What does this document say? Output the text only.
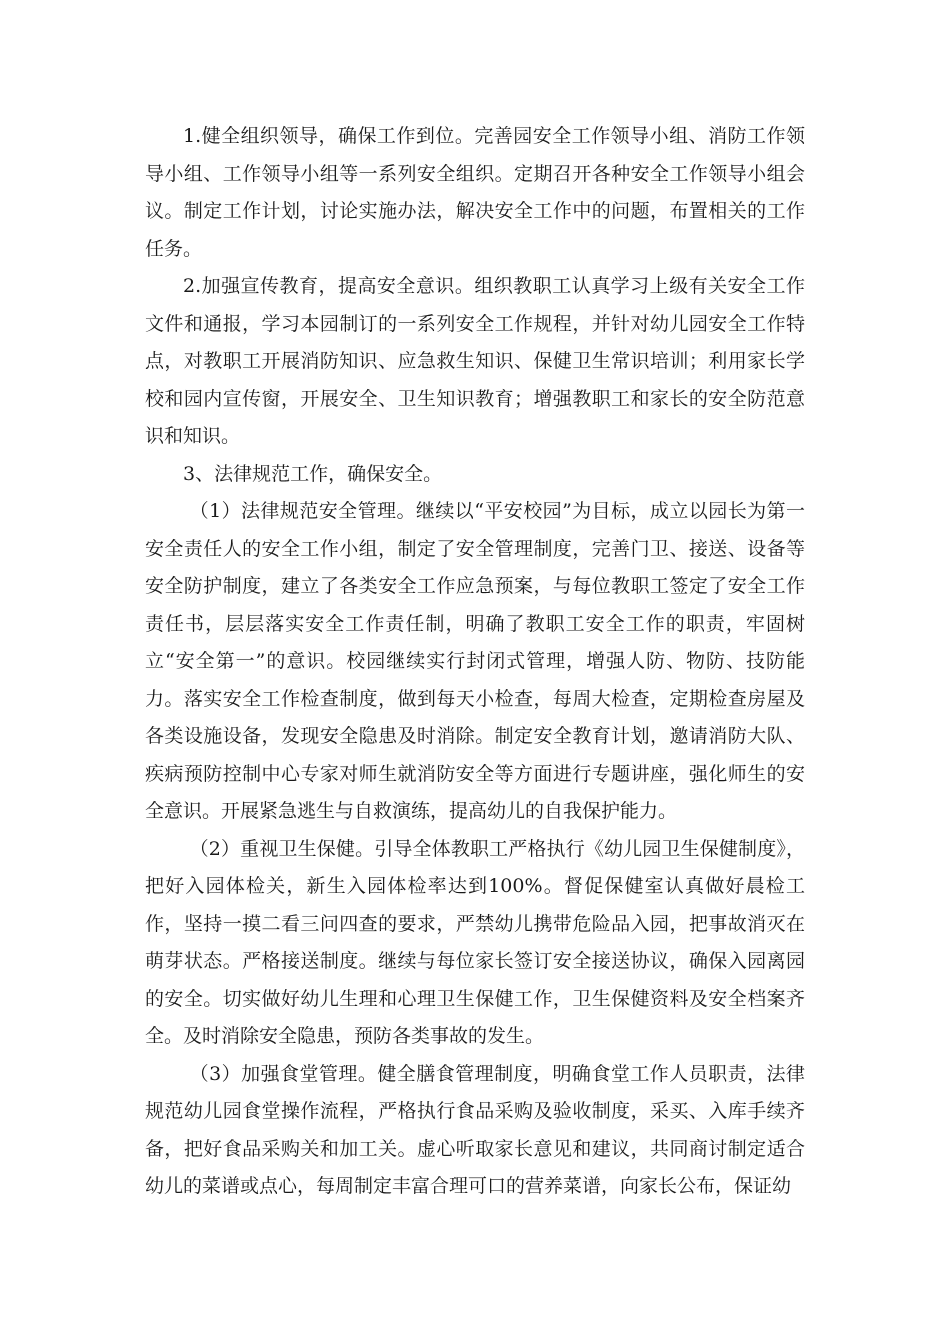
1.健全组织领导，确保工作到位。完善园安全工作领导小组、消防工作领导小组、工作领导小组等一系列安全组织。定期召开各种安全工作领导小组会议。制定工作计划，讨论实施办法，解决安全工作中的问题，布置相关的工作任务。

2.加强宣传教育，提高安全意识。组织教职工认真学习上级有关安全工作文件和通报，学习本园制订的一系列安全工作规程，并针对幼儿园安全工作特点，对教职工开展消防知识、应急救生知识、保健卫生常识培训；利用家长学校和园内宣传窗，开展安全、卫生知识教育；增强教职工和家长的安全防范意识和知识。

3、法律规范工作，确保安全。

（1）法律规范安全管理。继续以“平安校园”为目标，成立以园长为第一安全责任人的安全工作小组，制定了安全管理制度，完善门卫、接送、设备等安全防护制度，建立了各类安全工作应急预案，与每位教职工签定了安全工作责任书，层层落实安全工作责任制，明确了教职工安全工作的职责，牢固树立“安全第一”的意识。校园继续实行封闭式管理，增强人防、物防、技防能力。落实安全工作检查制度，做到每天小检查，每周大检查，定期检查房屋及各类设施设备，发现安全隐患及时消除。制定安全教育计划，邀请消防大队、疾病预防控制中心专家对师生就消防安全等方面进行专题讲座，强化师生的安全意识。开展紧急逃生与自救演练，提高幼儿的自我保护能力。

（2）重视卫生保健。引导全体教职工严格执行《幼儿园卫生保健制度》，把好入园体检关，新生入园体检率达到100%。督促保健室认真做好晨检工作，坚持一摸二看三问四查的要求，严禁幼儿携带危险品入园，把事故消灭在萌芽状态。严格接送制度。继续与每位家长签订安全接送协议，确保入园离园的安全。切实做好幼儿生理和心理卫生保健工作，卫生保健资料及安全档案齐全。及时消除安全隐患，预防各类事故的发生。

（3）加强食堂管理。健全膳食管理制度，明确食堂工作人员职责，法律规范幼儿园食堂操作流程，严格执行食品采购及验收制度，采买、入库手续齐备，把好食品采购关和加工关。虚心听取家长意见和建议，共同商讨制定适合幼儿的菜谱或点心，每周制定丰富合理可口的营养菜谱，向家长公布，保证幼
